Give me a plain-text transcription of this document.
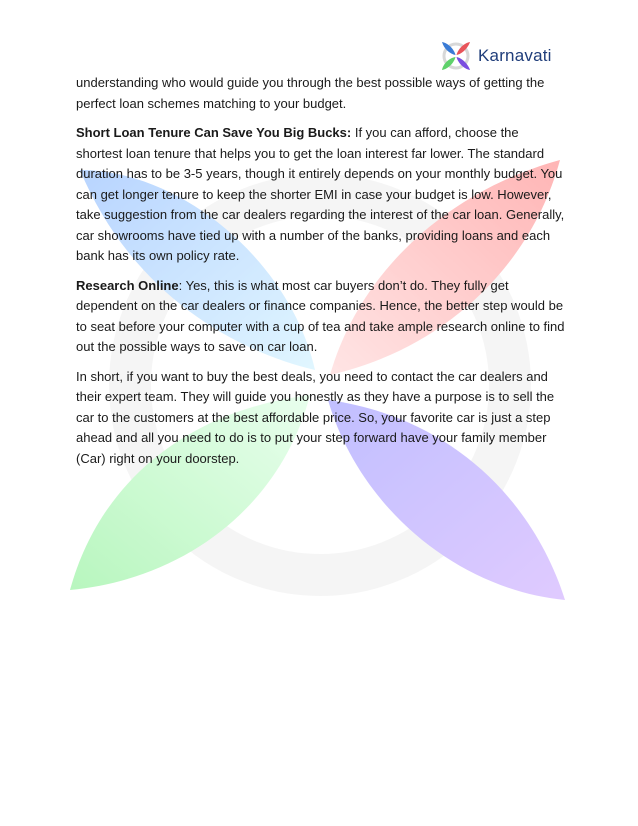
Karnavati

understanding who would guide you through the best possible ways of getting the perfect loan schemes matching to your budget.

Short Loan Tenure Can Save You Big Bucks: If you can afford, choose the shortest loan tenure that helps you to get the loan interest far lower. The standard duration has to be 3-5 years, though it entirely depends on your monthly budget. You can get longer tenure to keep the shorter EMI in case your budget is low. However, take suggestion from the car dealers regarding the interest of the car loan. Generally, car showrooms have tied up with a number of the banks, providing loans and each bank has its own policy rate.

Research Online: Yes, this is what most car buyers don’t do. They fully get dependent on the car dealers or finance companies. Hence, the better step would be to seat before your computer with a cup of tea and take ample research online to find out the possible ways to save on car loan.

In short, if you want to buy the best deals, you need to contact the car dealers and their expert team. They will guide you honestly as they have a purpose is to sell the car to the customers at the best affordable price. So, your favorite car is just a step ahead and all you need to do is to put your step forward have your family member (Car) right on your doorstep.
